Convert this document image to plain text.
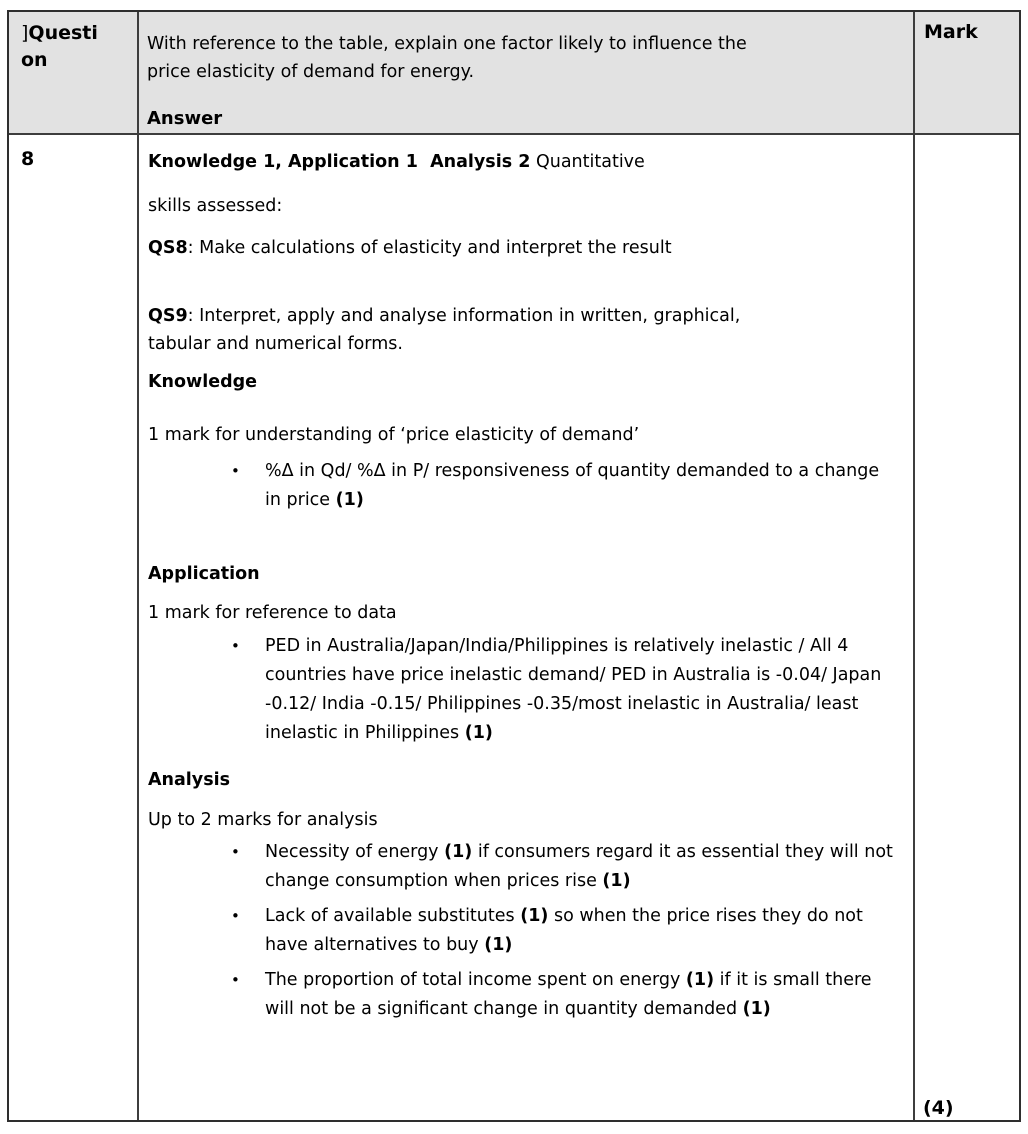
]Question

With reference to the table, explain one factor likely to influence the price elasticity of demand for energy.

Answer
Mark
8	Knowledge 1, Application 1  Analysis 2 Quantitative

skills assessed:

QS8: Make calculations of elasticity and interpret the result

QS9: Interpret, apply and analyse information in written, graphical, tabular and numerical forms.

Knowledge

1 mark for understanding of ‘price elasticity of demand’

• %Δ in Qd/ %Δ in P/ responsiveness of quantity demanded to a change in price (1)

Application

1 mark for reference to data

• PED in Australia/Japan/India/Philippines is relatively inelastic / All 4 countries have price inelastic demand/ PED in Australia is -0.04/ Japan -0.12/ India -0.15/ Philippines -0.35/most inelastic in Australia/ least inelastic in Philippines (1)

Analysis

Up to 2 marks for analysis

• Necessity of energy (1) if consumers regard it as essential they will not change consumption when prices rise (1)
• Lack of available substitutes (1) so when the price rises they do not have alternatives to buy (1)
• The proportion of total income spent on energy (1) if it is small there will not be a significant change in quantity demanded (1)
(4)
